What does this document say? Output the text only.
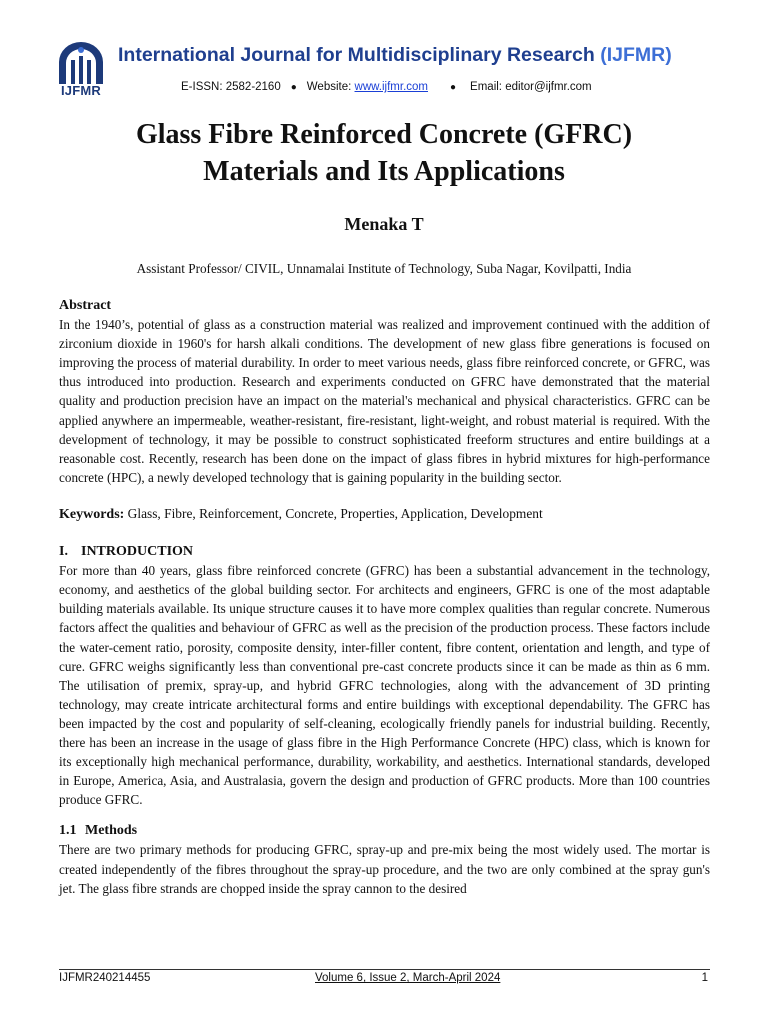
IJFMR
International Journal for Multidisciplinary Research (IJFMR)
E-ISSN: 2582-2160 ● Website: www.ijfmr.com ● Email: editor@ijfmr.com
Glass Fibre Reinforced Concrete (GFRC)
Materials and Its Applications
Menaka T
Assistant Professor/ CIVIL, Unnamalai Institute of Technology, Suba Nagar, Kovilpatti, India

Abstract

In the 1940’s, potential of glass as a construction material was realized and improvement continued with the addition of zirconium dioxide in 1960's for harsh alkali conditions. The development of new glass fibre generations is focused on improving the process of material durability. In order to meet various needs, glass fibre reinforced concrete, or GFRC, was thus introduced into production. Research and experiments conducted on GFRC have demonstrated that the material quality and production precision have an impact on the material's mechanical and physical characteristics. GFRC can be applied anywhere an impermeable, weather-resistant, fire-resistant, light-weight, and robust material is required. With the development of technology, it may be possible to construct sophisticated freeform structures and entire buildings at a reasonable cost. Recently, research has been done on the impact of glass fibres in hybrid mixtures for high-performance concrete (HPC), a newly developed technology that is gaining popularity in the building sector.

Keywords: Glass, Fibre, Reinforcement, Concrete, Properties, Application, Development

I. INTRODUCTION

For more than 40 years, glass fibre reinforced concrete (GFRC) has been a substantial advancement in the technology, economy, and aesthetics of the global building sector. For architects and engineers, GFRC is one of the most adaptable building materials available. Its unique structure causes it to have more complex qualities than regular concrete. Numerous factors affect the qualities and behaviour of GFRC as well as the precision of the production process. These factors include the water-cement ratio, porosity, composite density, inter-filler content, fibre content, orientation and length, and type of cure. GFRC weighs significantly less than conventional pre-cast concrete products since it can be made as thin as 6 mm. The utilisation of premix, spray-up, and hybrid GFRC technologies, along with the advancement of 3D printing technology, may create intricate architectural forms and entire buildings with exceptional dependability. The GFRC has been impacted by the cost and popularity of self-cleaning, ecologically friendly panels for industrial building. Recently, there has been an increase in the usage of glass fibre in the High Performance Concrete (HPC) class, which is known for its exceptionally high mechanical performance, durability, workability, and aesthetics. International standards, developed in Europe, America, Asia, and Australasia, govern the design and production of GFRC products. More than 100 countries produce GFRC.

1.1 Methods

There are two primary methods for producing GFRC, spray-up and pre-mix being the most widely used. The mortar is created independently of the fibres throughout the spray-up procedure, and the two are only combined at the spray gun's jet. The glass fibre strands are chopped inside the spray cannon to the desired

IJFMR240214455	Volume 6, Issue 2, March-April 2024	1
